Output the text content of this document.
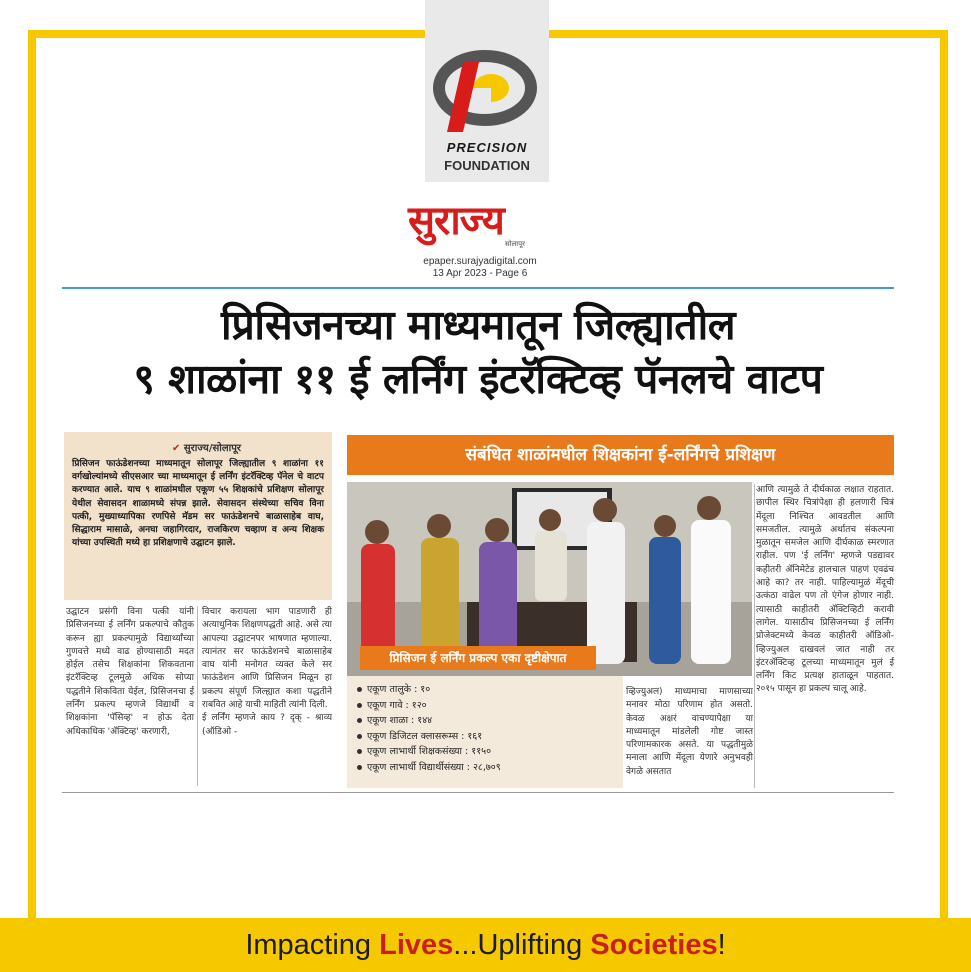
PRECISION
FOUNDATION
सुराज्य सोलापूर
epaper.surajyadigital.com
13 Apr 2023 - Page 6
प्रिसिजनच्या माध्यमातून जिल्ह्यातील
९ शाळांना ११ ई लर्निंग इंटरॅक्टिव्ह पॅनलचे वाटप
✔ सुराज्य/सोलापूर
प्रिसिजन फाऊंडेशनच्या माध्यमातून सोलापूर जिल्ह्यातील ९ शाळांना ११ वर्गखोल्यांमध्ये सीएसआर च्या माध्यमातून ई लर्निंग इंटरॅक्टिव्ह पॅनेल चे वाटप करण्यात आले. याच ९ शाळांमधील एकूण ५५ शिक्षकांचे प्रशिक्षण सोलापूर येथील सेवासदन शाळामध्ये संपन्न झाले. सेवासदन संस्थेच्या सचिव विना पत्की, मुख्याध्यापिका रणपिसे मॅडम सर फाऊंडेशनचे बाळासाहेब वाघ, सिद्धाराम मासाळे, अनघा जहागिरदार, राजकिरण चव्हाण व अन्य शिक्षक यांच्या उपस्थिती मध्ये हा प्रशिक्षणाचे उद्घाटन झाले.
उद्घाटन प्रसंगी विना पत्की यांनी प्रिसिजनच्या ई लर्निंग प्रकल्पाचे कौतुक करून ह्या प्रकल्पामुळे विद्यार्थ्यांच्या गुणवत्ते मध्ये वाढ होण्यासाठी मदत होईल तसेच शिक्षकांना शिकवताना इंटरॅक्टिव्ह टूलमुळे अधिक सोप्या पद्धतीने शिकविता येईल, प्रिसिजनचा ई लर्निंग प्रकल्प म्हणजे विद्यार्थी व शिक्षकांना 'पॅसिव्ह' न होऊ देता अधिकाधिक 'ॲक्टिव्ह' करणारी,
विचार करायला भाग पाडणारी ही अत्याधुनिक शिक्षणपद्धती आहे. असे त्या आपल्या उद्घाटनपर भाषणात म्हणाल्या. त्यानंतर सर फाऊंडेशनचे बाळासाहेब वाघ यांनी मनोगत व्यक्त केले सर फाऊंडेशन आणि प्रिसिजन मिळून हा प्रकल्प संपूर्ण जिल्ह्यात कशा पद्धतीने राबवित आहे याची माहिती त्यांनी दिली.
ई लर्निंग म्हणजे काय ? दृक् - श्राव्य (ऑडिओ -
संबंधित शाळांमधील शिक्षकांना ई-लर्निंगचे प्रशिक्षण
प्रिसिजन ई लर्निंग प्रकल्प एका दृष्टीक्षेपात
एकूण तालुके : १०
एकूण गावे : १२०
एकूण शाळा : १४४
एकूण डिजिटल क्लासरूम्स : १६१
एकूण लाभार्थी शिक्षकसंख्या : ११५०
एकूण लाभार्थी विद्यार्थीसंख्या : २८,७०९
व्हिज्युअल) माध्यमाचा माणसाच्या मनावर मोठा परिणाम होत असतो. केवळ अक्षरं वाचण्यापेक्षा या माध्यमातून मांडलेली गोष्ट जास्त परिणामकारक असते. या पद्धतीमुळे मनाला आणि मेंदूला येणारे अनुभवही वेगळे असतात
आणि त्यामुळे ते दीर्घकाळ लक्षात राहतात. छापील स्थिर चित्रांपेक्षा ही हलणारी चित्रं मेंदूला निश्चित आवडतील आणि समजतील. त्यामुळे अर्थातच संकल्पना मुळातून समजेल आणि दीर्घकाळ स्मरणात राहील. पण 'ई लर्निंग' म्हणजे पडद्यावर कहीतरी ॲनिमेटेड हालचाल पाहणं एवढंच आहे का? तर नाही. पाहिल्यामुळं मेंदूची उत्कंठा वाढेल पण तो एंगेज होणार नाही. त्यासाठी काहीतरी ॲक्टिव्हिटी करावी लागेल. यासाठीच प्रिसिजनच्या ई लर्निंग प्रोजेक्टमध्ये केवळ काहीतरी ऑडिओ-व्हिज्युअल दाखवलं जात नाही तर इंटरॲक्टिव्ह टूलच्या माध्यमातून मुलं ई लर्निंग किट प्रत्यक्ष हाताळून पाहतात. २०१५ पासून हा प्रकल्प चालू आहे.
Impacting Lives ...Uplifting Societies !
